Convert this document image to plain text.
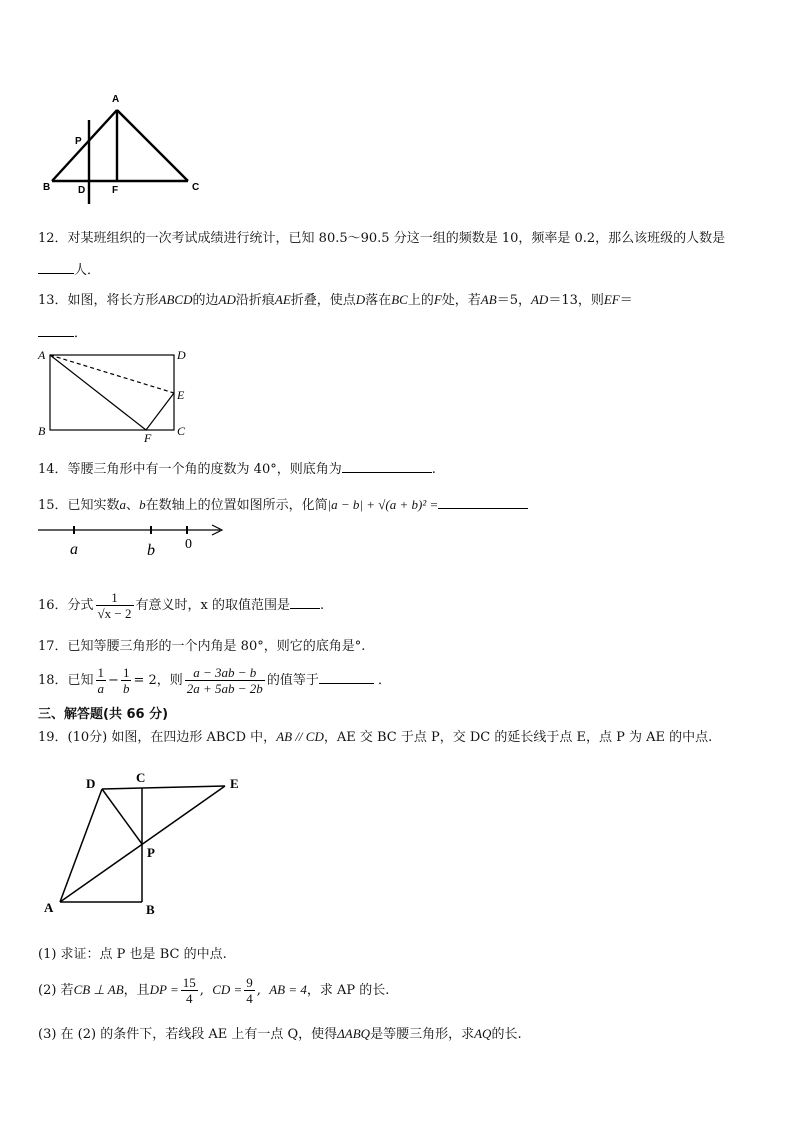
A
P
B	D	F	C
12．对某班组织的一次考试成绩进行统计，已知 80.5～90.5 分这一组的频数是 10，频率是 0.2，那么该班级的人数是
人．
13．如图，将长方形ABCD的边AD沿折痕AE折叠，使点D落在BC上的F处，若AB＝5，AD＝13，则EF＝
．
A	D
E
B	F C
14．等腰三角形中有一个角的度数为 40°，则底角为	.
15．已知实数a、b在数轴上的位置如图所示，化简|a − b| + √(a + b)² =
a	b 0
16．分式 $\frac{1}{√x - 2}$ 有意义时，x 的取值范围是 .
17．已知等腰三角形的一个内角是 80°，则它的底角是°.
18．已知 $\frac{1}{a} - \frac{1}{b} = 2$，则 $\frac{a - 3ab - b}{2a + 5ab - 2b}$ 的值等于	．
三、解答题(共 66 分)
19．(10分) 如图，在四边形 ABCD 中，AB // CD，AE 交 BC 于点 P，交 DC 的延长线于点 E，点 P 为 AE 的中点.
D	C	E
P
A	B
(1) 求证：点 P 也是 BC 的中点.
(2) 若CB ⊥ AB，且DP = $\frac{15}{4}$ ,  CD = $\frac{9}{4}$ ,  AB = 4，求 AP 的长.
(3) 在 (2) 的条件下，若线段 AE 上有一点 Q，使得ΔABQ是等腰三角形，求AQ的长.
